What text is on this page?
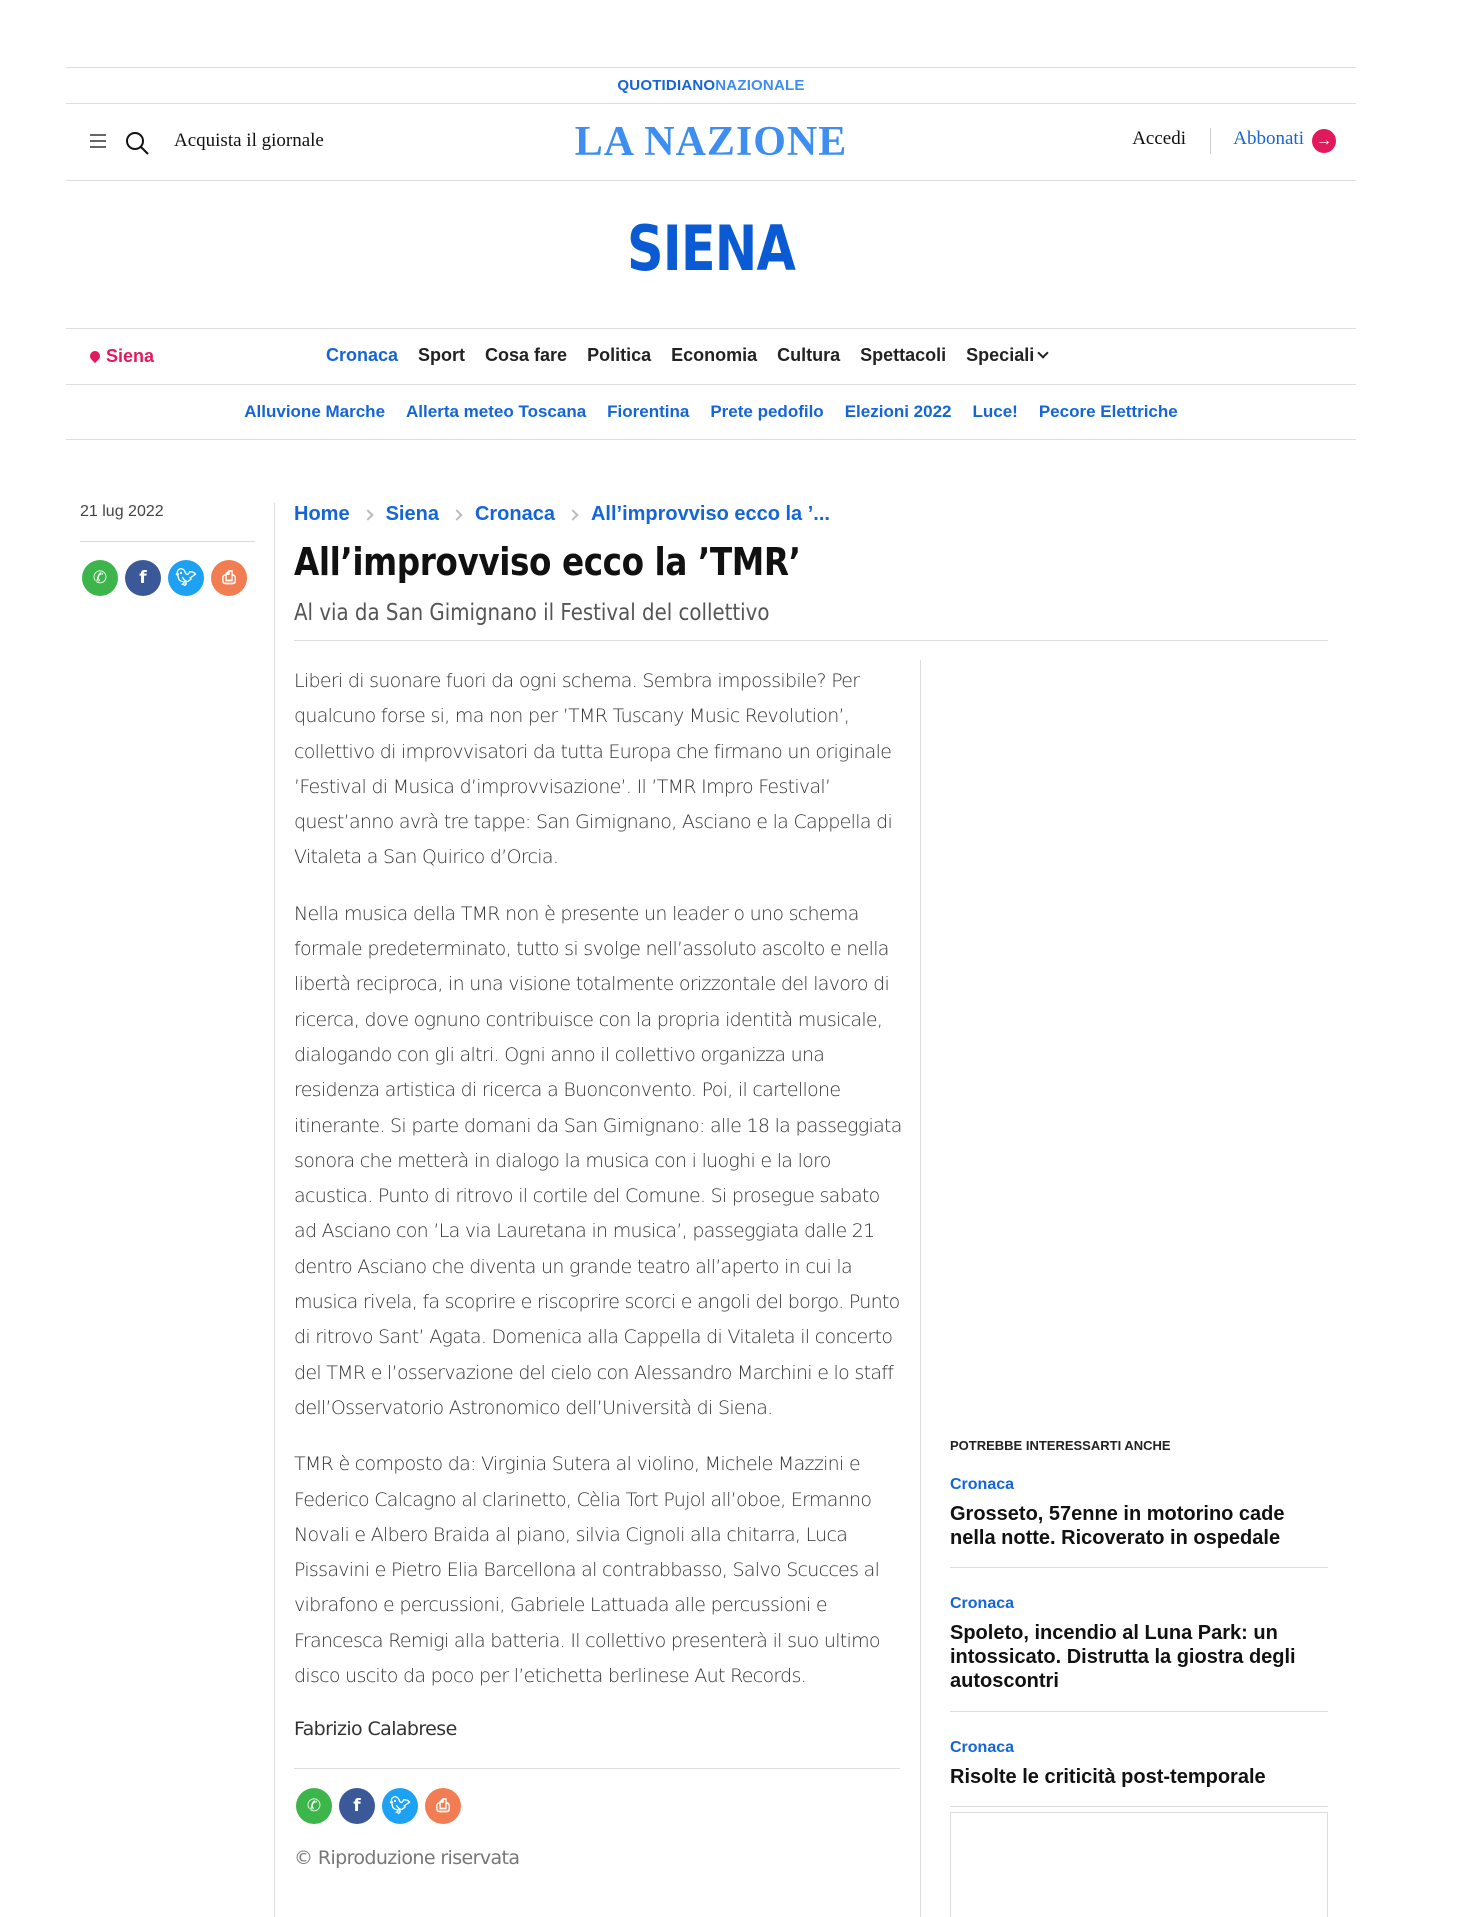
QUOTIDIANO NAZIONALE
Acquista il giornale	LA NAZIONE	Accedi Abbonati →
SIENA
Siena	Cronaca Sport Cosa fare Politica Economia Cultura Spettacoli Speciali
Alluvione Marche Allerta meteo Toscana Fiorentina Prete pedofilo Elezioni 2022 Luce! Pecore Elettriche
21 lug 2022
✆	f	🐦︎	⎙
Home Siena Cronaca All’improvviso ecco la ’...
All’improvviso ecco la ’TMR’
Al via da San Gimignano il Festival del collettivo

Liberi di suonare fuori da ogni schema. Sembra impossibile? Per qualcuno forse si, ma non per ’TMR Tuscany Music Revolution’, collettivo di improvvisatori da tutta Europa che firmano un originale ’Festival di Musica d’improvvisazione’. Il ’TMR Impro Festival’ quest’anno avrà tre tappe: San Gimignano, Asciano e la Cappella di Vitaleta a San Quirico d’Orcia.

Nella musica della TMR non è presente un leader o uno schema formale predeterminato, tutto si svolge nell’assoluto ascolto e nella libertà reciproca, in una visione totalmente orizzontale del lavoro di ricerca, dove ognuno contribuisce con la propria identità musicale, dialogando con gli altri. Ogni anno il collettivo organizza una residenza artistica di ricerca a Buonconvento. Poi, il cartellone itinerante. Si parte domani da San Gimignano: alle 18 la passeggiata sonora che metterà in dialogo la musica con i luoghi e la loro acustica. Punto di ritrovo il cortile del Comune. Si prosegue sabato ad Asciano con ’La via Lauretana in musica’, passeggiata dalle 21 dentro Asciano che diventa un grande teatro all’aperto in cui la musica rivela, fa scoprire e riscoprire scorci e angoli del borgo. Punto di ritrovo Sant’ Agata. Domenica alla Cappella di Vitaleta il concerto del TMR e l’osservazione del cielo con Alessandro Marchini e lo staff dell’Osservatorio Astronomico dell’Università di Siena.

TMR è composto da: Virginia Sutera al violino, Michele Mazzini e Federico Calcagno al clarinetto, Cèlia Tort Pujol all’oboe, Ermanno Novali e Albero Braida al piano, silvia Cignoli alla chitarra, Luca Pissavini e Pietro Elia Barcellona al contrabbasso, Salvo Scucces al vibrafono e percussioni, Gabriele Lattuada alle percussioni e Francesca Remigi alla batteria. Il collettivo presenterà il suo ultimo disco uscito da poco per l’etichetta berlinese Aut Records.

Fabrizio Calabrese
✆	f	🐦︎	⎙
© Riproduzione riservata
POTREBBE INTERESSARTI ANCHE
Cronaca
Grosseto, 57enne in motorino cade nella notte. Ricoverato in ospedale
Cronaca
Spoleto, incendio al Luna Park: un intossicato. Distrutta la giostra degli autoscontri
Cronaca
Risolte le criticità post-temporale
